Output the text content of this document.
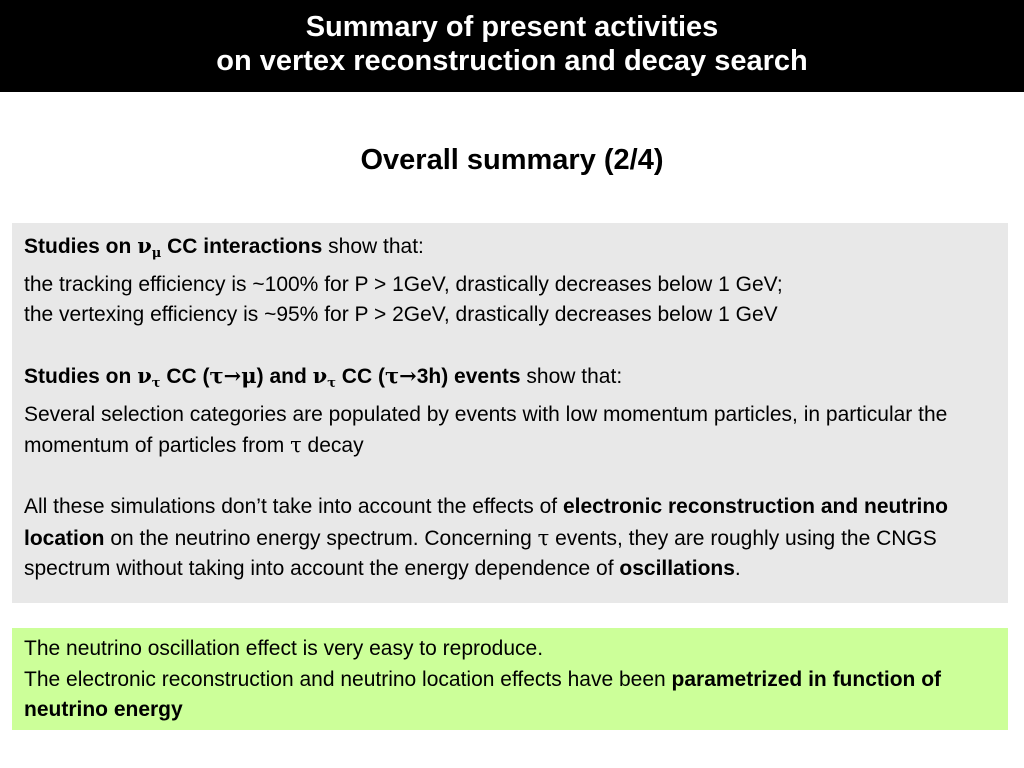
Summary of present activities
on vertex reconstruction and decay search
Overall summary (2/4)

Studies on $\nu_\mu$ CC interactions show that:
the tracking efficiency is ~100% for P > 1GeV, drastically decreases below 1 GeV;
the vertexing efficiency is ~95% for P > 2GeV, drastically decreases below 1 GeV

Studies on $\nu_\tau$ CC (τ→μ) and $\nu_\tau$ CC (τ→3h) events show that:
Several selection categories are populated by events with low momentum particles, in particular the momentum of particles from τ decay

All these simulations don’t take into account the effects of electronic reconstruction and neutrino location on the neutrino energy spectrum. Concerning τ events, they are roughly using the CNGS spectrum without taking into account the energy dependence of oscillations.

The neutrino oscillation effect is very easy to reproduce.
The electronic reconstruction and neutrino location effects have been parametrized in function of neutrino energy
